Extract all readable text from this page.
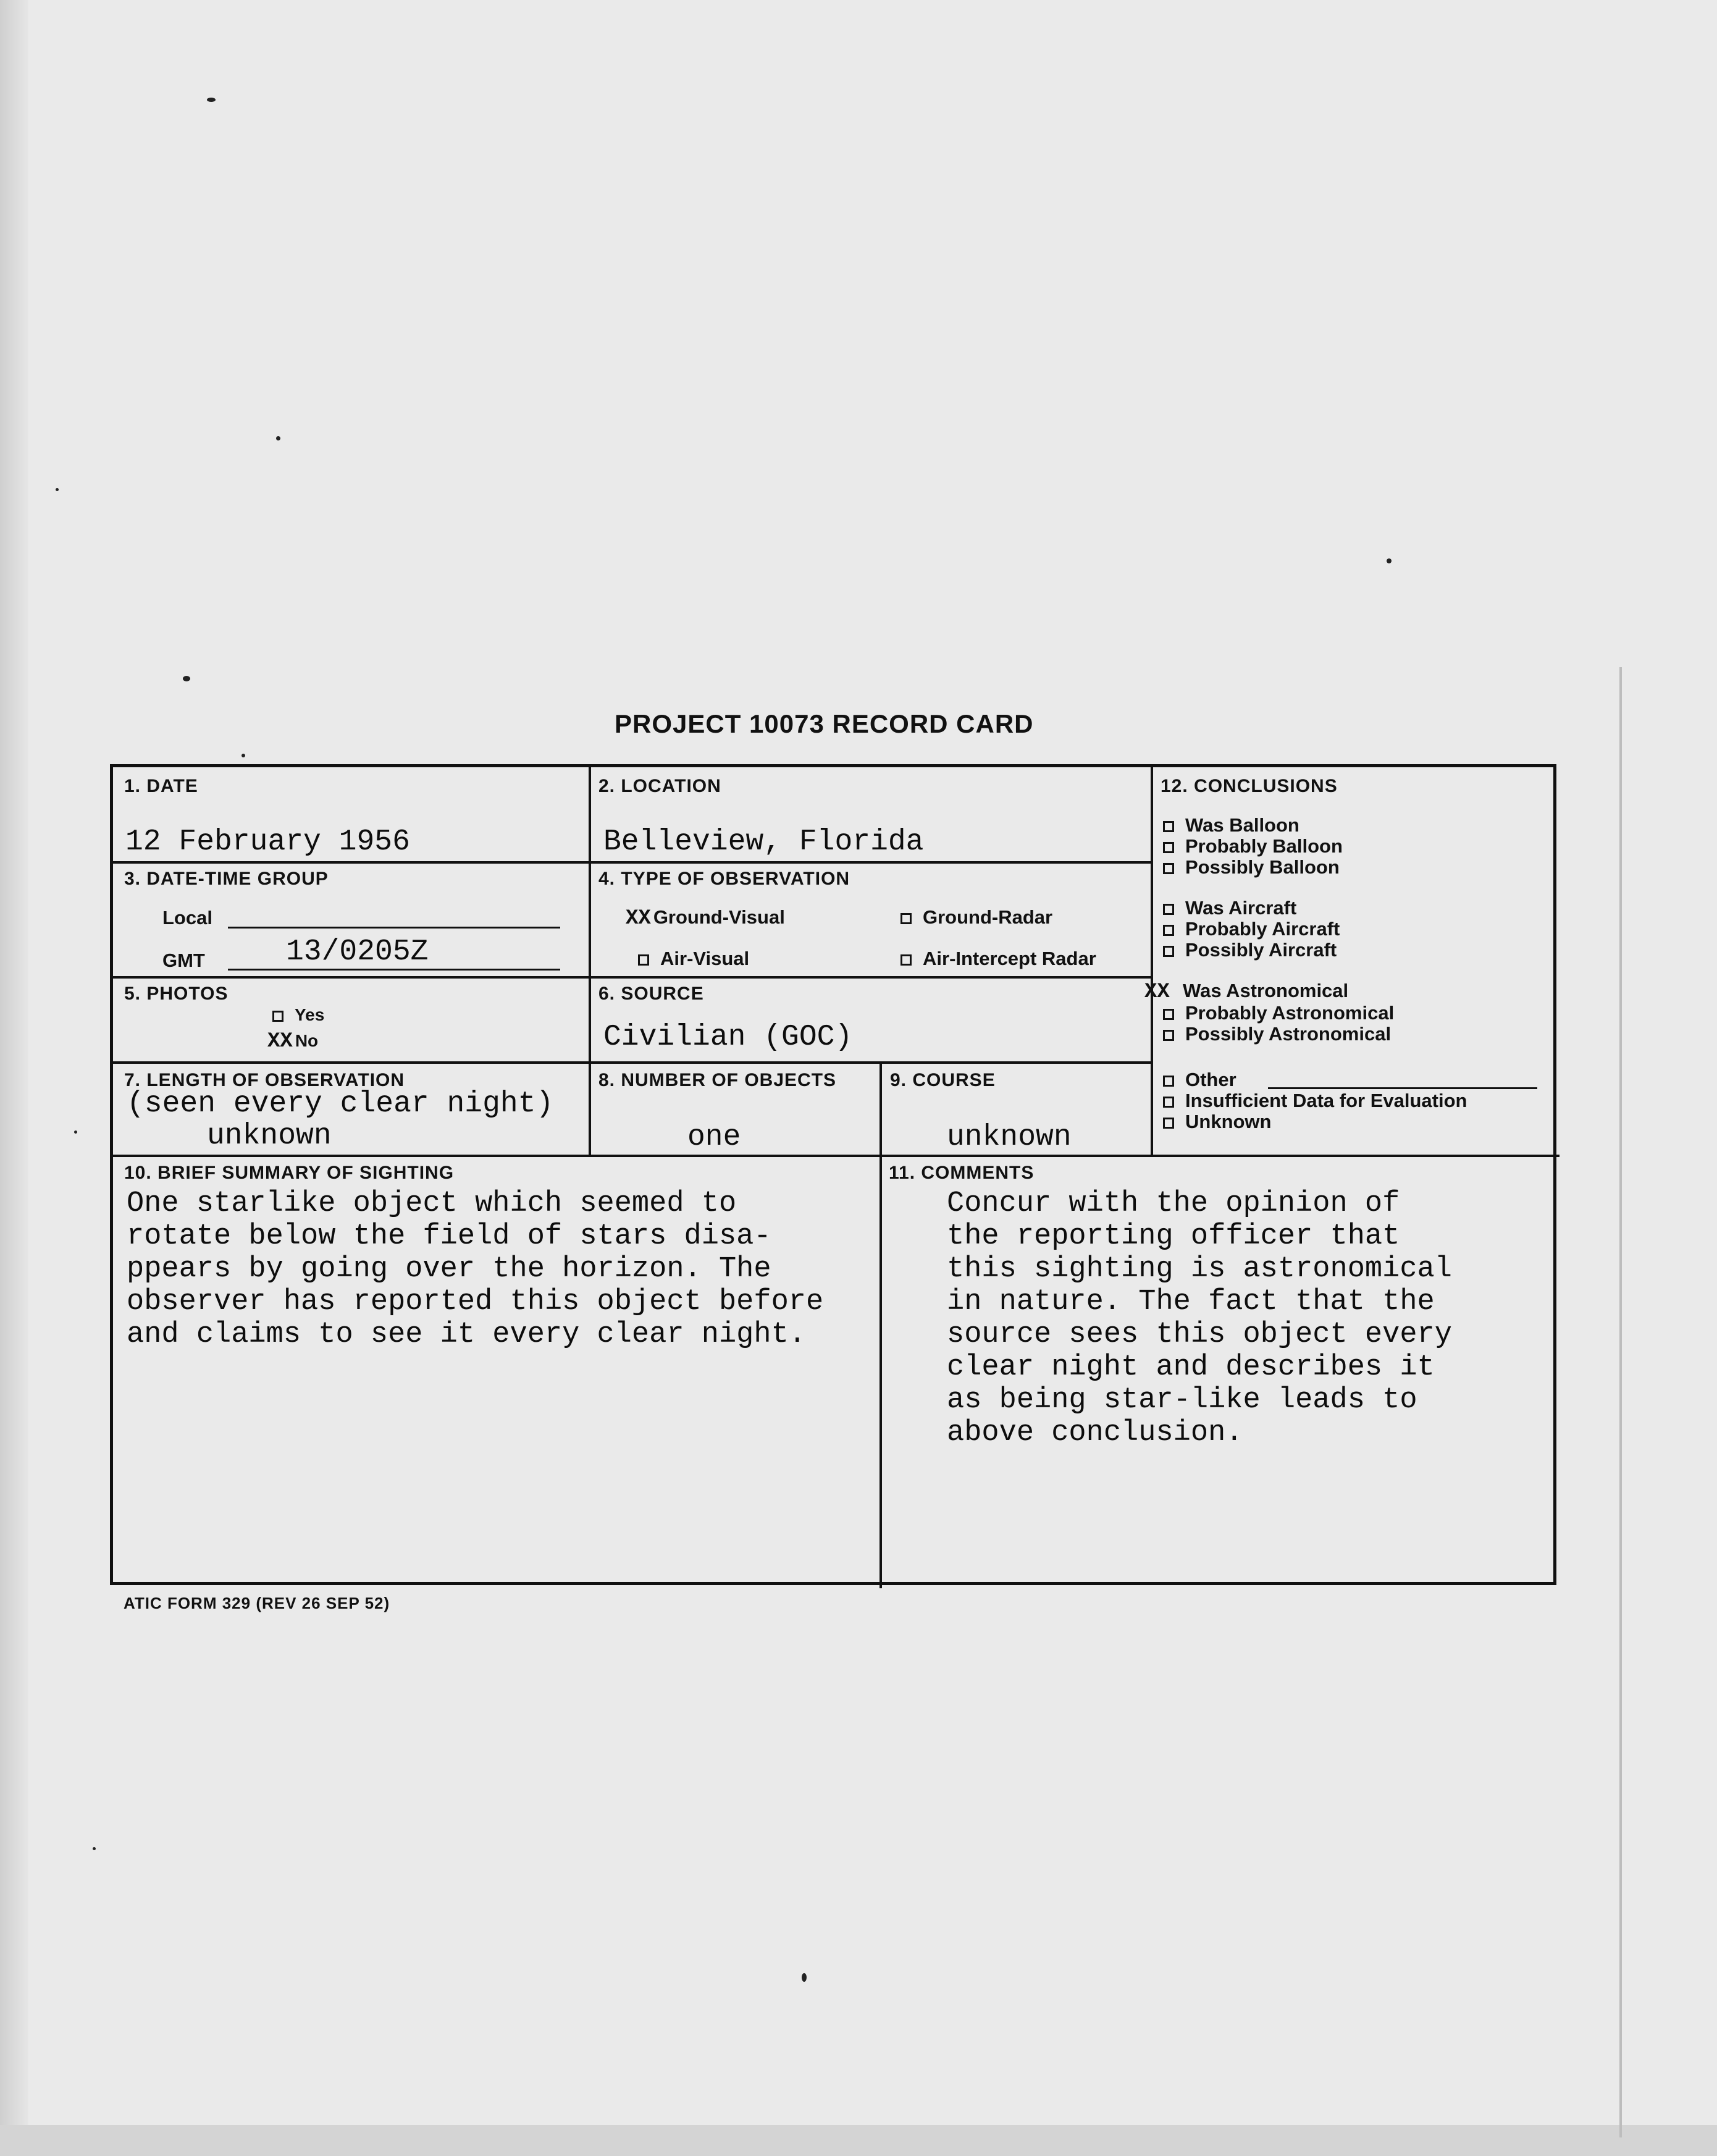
PROJECT 10073 RECORD CARD
1. DATE
12 February 1956
2. LOCATION
Belleview, Florida
3. DATE-TIME GROUP
Local
GMT	13/0205Z
4. TYPE OF OBSERVATION
XX Ground-Visual	Ground-Radar
Air-Visual	Air-Intercept Radar
5. PHOTOS
Yes
XX No
6. SOURCE
Civilian (GOC)
7. LENGTH OF OBSERVATION
(seen every clear night)
unknown
8. NUMBER OF OBJECTS
one
9. COURSE
unknown
10. BRIEF SUMMARY OF SIGHTING
One starlike object which seemed to
rotate below the field of stars disa-
ppears by going over the horizon. The
observer has reported this object before
and claims to see it every clear night.
11. COMMENTS
Concur with the opinion of
the reporting officer that
this sighting is astronomical
in nature. The fact that the
source sees this object every
clear night and describes it
as being star-like leads to
above conclusion.
12. CONCLUSIONS
Was Balloon
Probably Balloon
Possibly Balloon
Was Aircraft
Probably Aircraft
Possibly Aircraft
XX Was Astronomical
Probably Astronomical
Possibly Astronomical
Other
Insufficient Data for Evaluation
Unknown
ATIC FORM 329 (REV 26 SEP 52)
